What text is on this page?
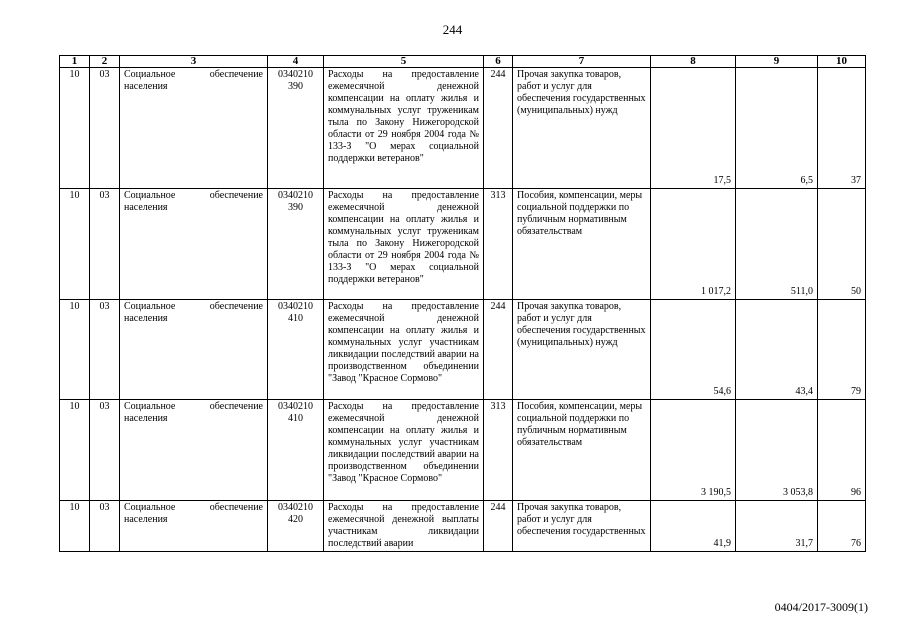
244
1	2	3	4	5	6	7	8	9	10
10	03	Социальное обеспечение населения	0340210 390	Расходы на предоставление ежемесячной денежной компенсации на оплату жилья и коммунальных услуг труженикам тыла по Закону Нижегородской области от 29 ноября 2004 года № 133-З "О мерах социальной поддержки ветеранов"	244	Прочая закупка товаров, работ и услуг для обеспечения государственных (муниципальных) нужд	17,5	6,5	37
10	03	Социальное обеспечение населения	0340210 390	Расходы на предоставление ежемесячной денежной компенсации на оплату жилья и коммунальных услуг труженикам тыла по Закону Нижегородской области от 29 ноября 2004 года № 133-З "О мерах социальной поддержки ветеранов"	313	Пособия, компенсации, меры социальной поддержки по публичным нормативным обязательствам	1 017,2	511,0	50
10	03	Социальное обеспечение населения	0340210 410	Расходы на предоставление ежемесячной денежной компенсации на оплату жилья и коммунальных услуг участникам ликвидации последствий аварии на производственном объединении "Завод "Красное Сормово"	244	Прочая закупка товаров, работ и услуг для обеспечения государственных (муниципальных) нужд	54,6	43,4	79
10	03	Социальное обеспечение населения	0340210 410	Расходы на предоставление ежемесячной денежной компенсации на оплату жилья и коммунальных услуг участникам ликвидации последствий аварии на производственном объединении "Завод "Красное Сормово"	313	Пособия, компенсации, меры социальной поддержки по публичным нормативным обязательствам	3 190,5	3 053,8	96
10	03	Социальное обеспечение населения	0340210 420	Расходы на предоставление ежемесячной денежной выплаты участникам ликвидации последствий аварии	244	Прочая закупка товаров, работ и услуг для обеспечения государственных	41,9	31,7	76
0404/2017-3009(1)
